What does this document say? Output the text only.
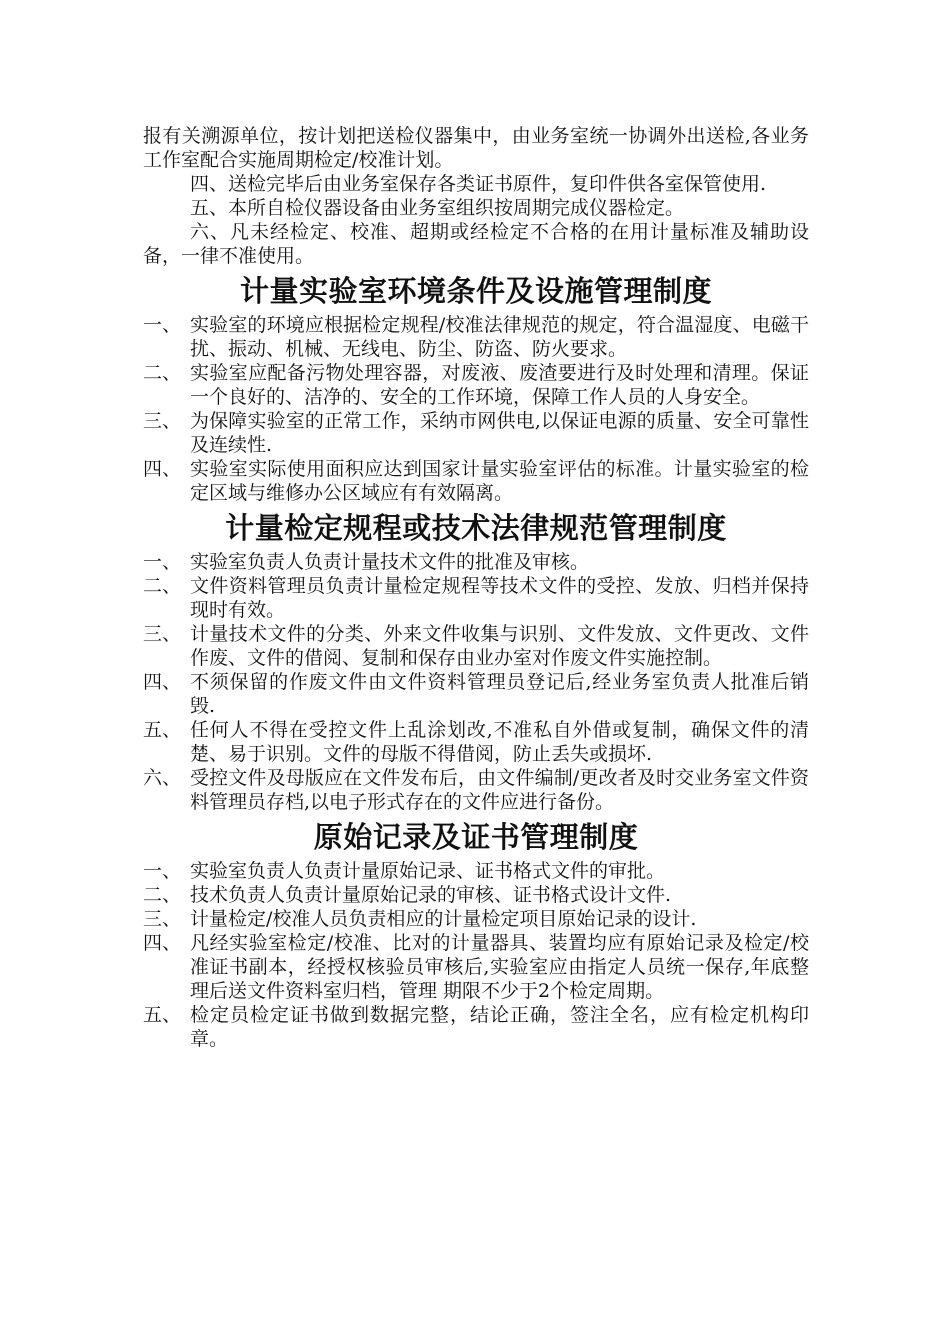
报有关溯源单位，按计划把送检仪器集中，由业务室统一协调外出送检,各业务工作室配合实施周期检定/校准计划。

四、送检完毕后由业务室保存各类证书原件，复印件供各室保管使用.

五、本所自检仪器设备由业务室组织按周期完成仪器检定。

六、凡未经检定、校准、超期或经检定不合格的在用计量标准及辅助设备，一律不准使用。

计量实验室环境条件及设施管理制度
一、 实验室的环境应根据检定规程/校准法律规范的规定，符合温湿度、电磁干扰、振动、机械、无线电、防尘、防盗、防火要求。
二、 实验室应配备污物处理容器，对废液、废渣要进行及时处理和清理。保证一个良好的、洁净的、安全的工作环境，保障工作人员的人身安全。
三、 为保障实验室的正常工作，采纳市网供电,以保证电源的质量、安全可靠性及连续性.
四、 实验室实际使用面积应达到国家计量实验室评估的标准。计量实验室的检定区域与维修办公区域应有有效隔离。
计量检定规程或技术法律规范管理制度
一、 实验室负责人负责计量技术文件的批准及审核。
二、 文件资料管理员负责计量检定规程等技术文件的受控、发放、归档并保持现时有效。
三、 计量技术文件的分类、外来文件收集与识别、文件发放、文件更改、文件作废、文件的借阅、复制和保存由业办室对作废文件实施控制。
四、 不须保留的作废文件由文件资料管理员登记后,经业务室负责人批准后销毁.
五、 任何人不得在受控文件上乱涂划改,不准私自外借或复制，确保文件的清楚、易于识别。文件的母版不得借阅，防止丢失或损坏.
六、 受控文件及母版应在文件发布后，由文件编制/更改者及时交业务室文件资料管理员存档,以电子形式存在的文件应进行备份。
原始记录及证书管理制度
一、 实验室负责人负责计量原始记录、证书格式文件的审批。
二、 技术负责人负责计量原始记录的审核、证书格式设计文件.
三、 计量检定/校准人员负责相应的计量检定项目原始记录的设计.
四、 凡经实验室检定/校准、比对的计量器具、装置均应有原始记录及检定/校准证书副本，经授权核验员审核后,实验室应由指定人员统一保存,年底整理后送文件资料室归档，管理 期限不少于2个检定周期。
五、 检定员检定证书做到数据完整，结论正确，签注全名，应有检定机构印章。
